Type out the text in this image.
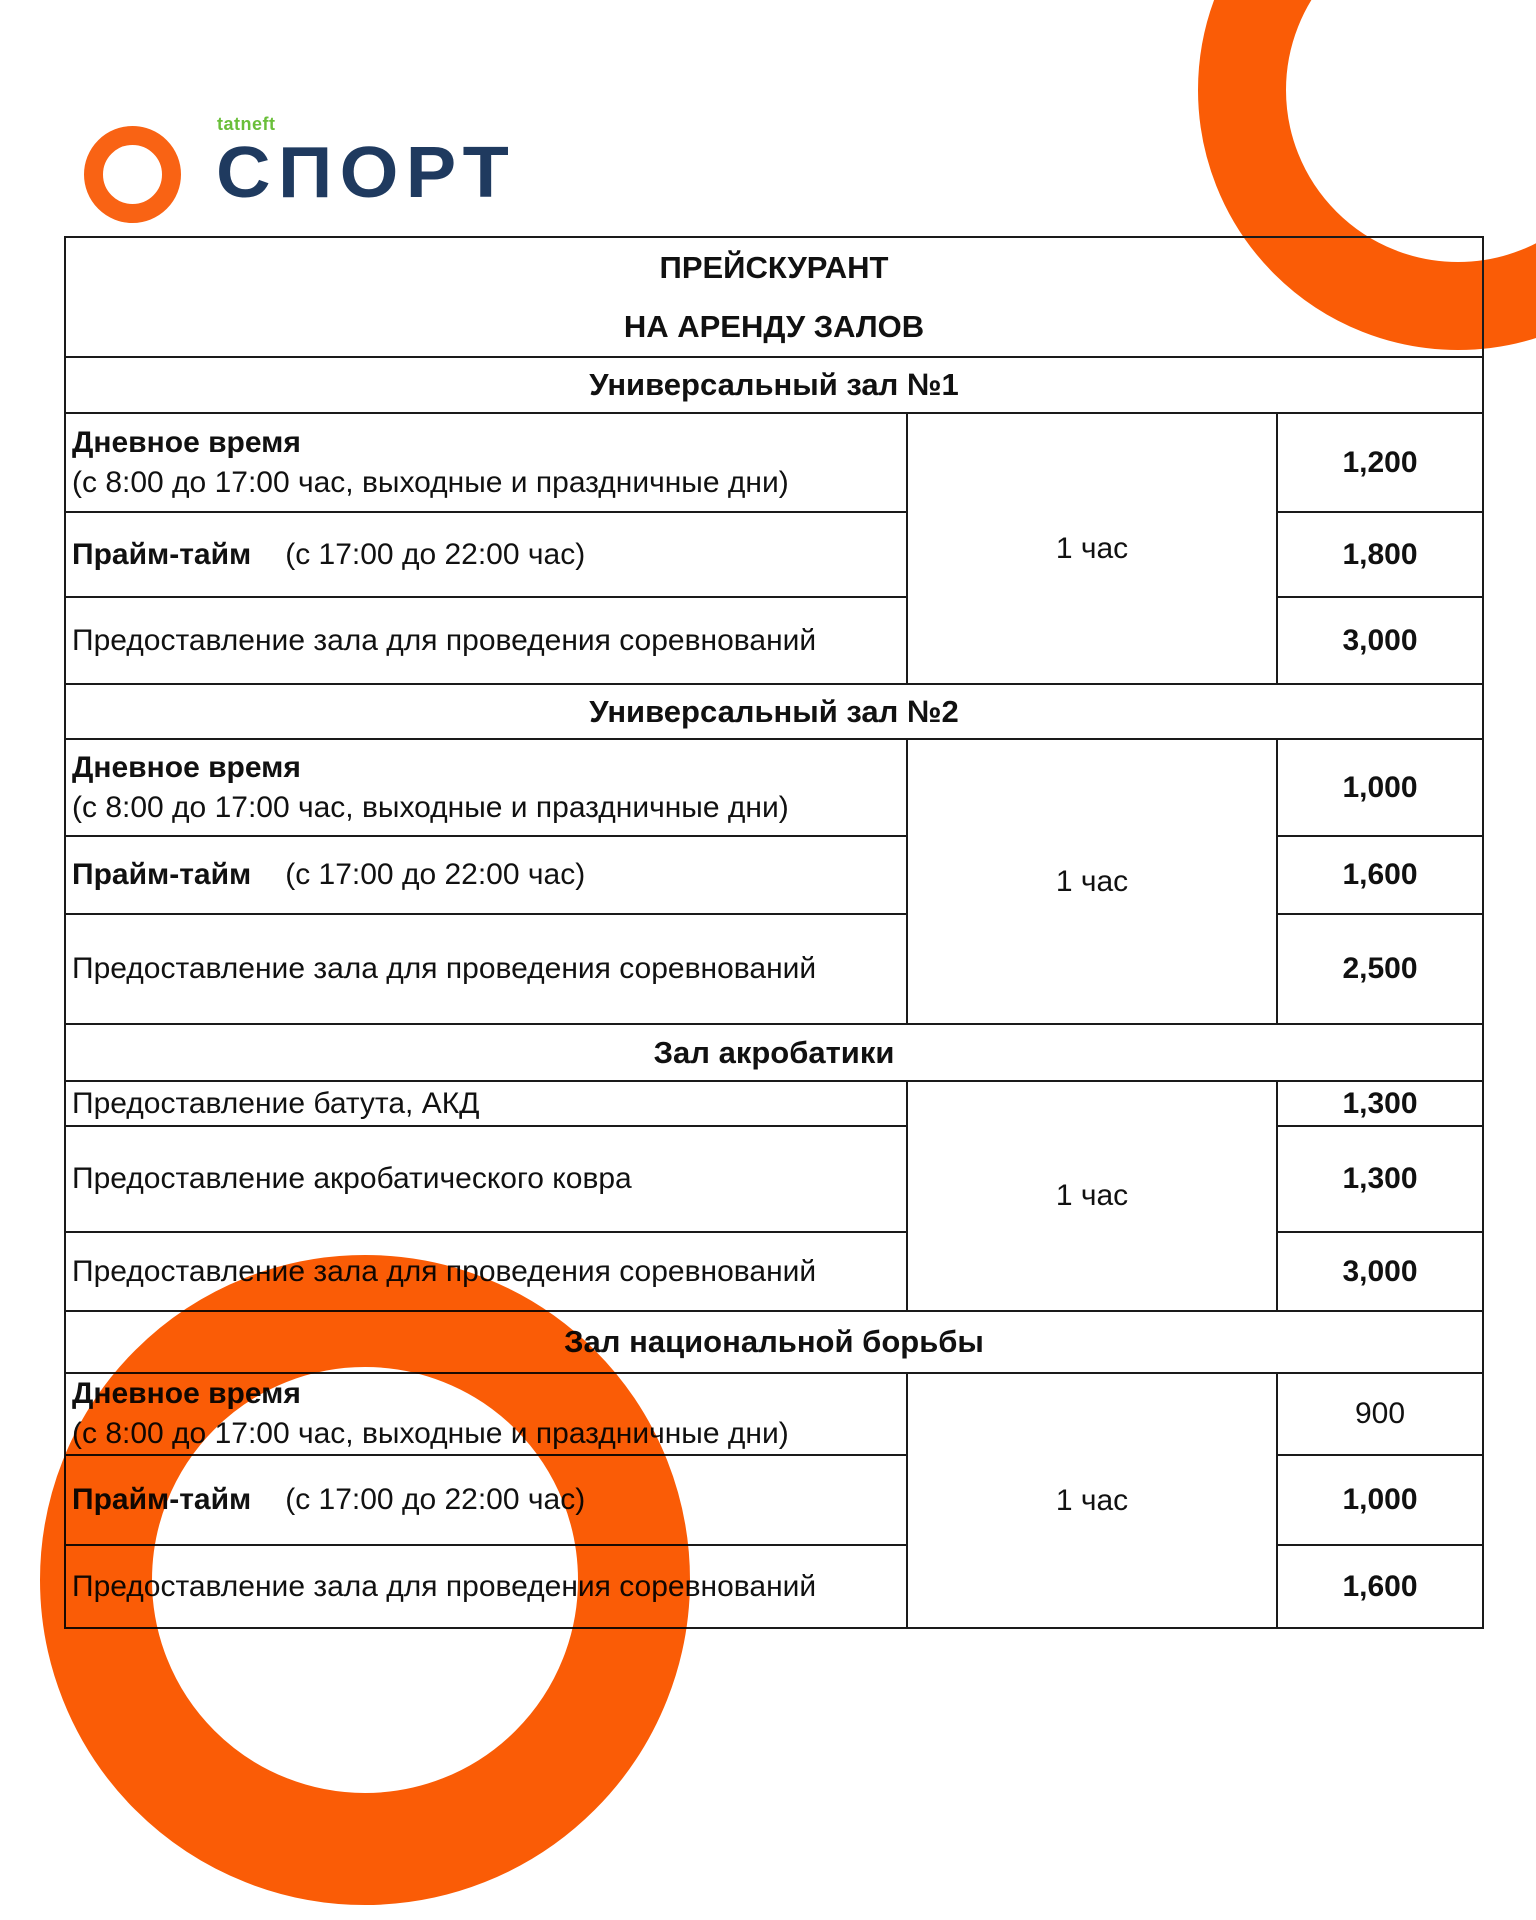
tatneft
СПОРТ
ПРЕЙСКУРАНТ
НА АРЕНДУ ЗАЛОВ		

Универсальный зал №1		

Дневное время
(с 8:00 до 17:00 час, выходные и праздничные дни)	1 час	1,200
Прайм-тайм (с 17:00 до 22:00 час)		1,800
Предоставление зала для проведения соревнований		3,000
Универсальный зал №2		

Дневное время
(с 8:00 до 17:00 час, выходные и праздничные дни)	1 час	1,000
Прайм-тайм (с 17:00 до 22:00 час)		1,600
Предоставление зала для проведения соревнований		2,500
Зал акробатики		
Предоставление батута, АКД	1 час	1,300
Предоставление акробатического ковра		1,300
Предоставление зала для проведения соревнований		3,000
Зал национальной борьбы		

Дневное время
(с 8:00 до 17:00 час, выходные и праздничные дни)	1 час	900
Прайм-тайм (с 17:00 до 22:00 час)		1,000
Предоставление зала для проведения соревнований		1,600
